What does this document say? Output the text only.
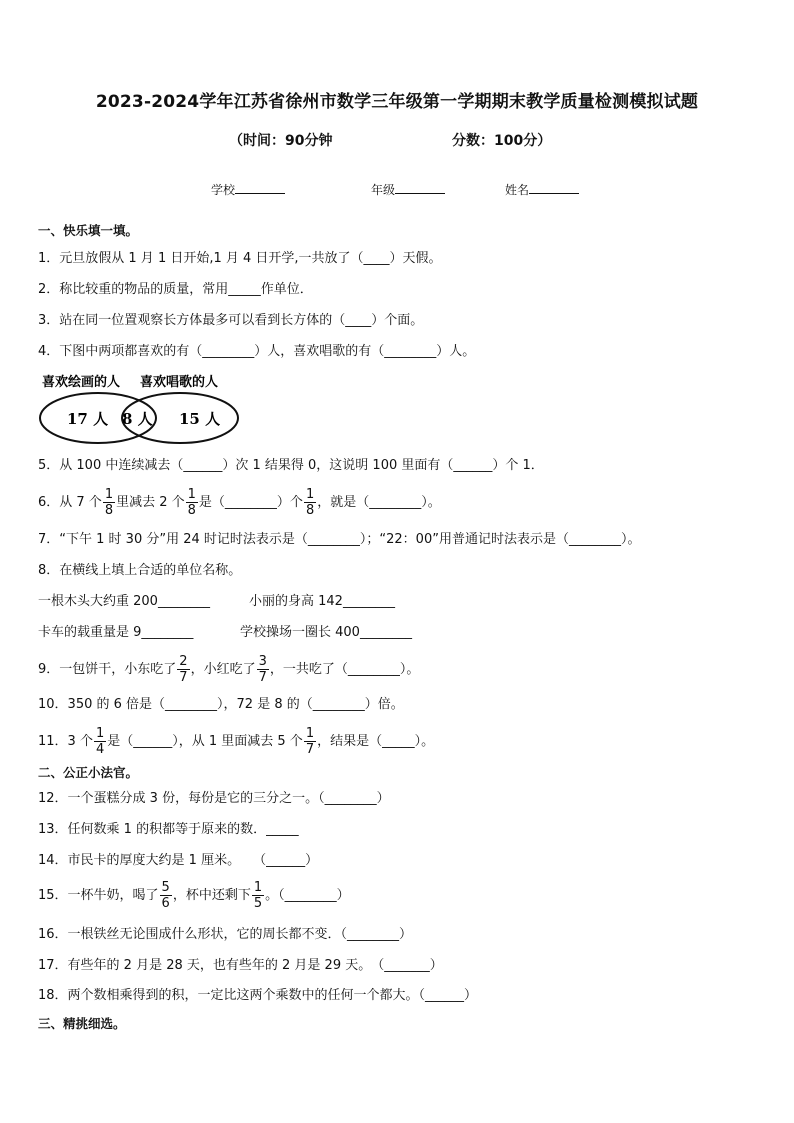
2023-2024学年江苏省徐州市数学三年级第一学期期末教学质量检测模拟试题
（时间：90分钟	分数：100分）
学校	年级	姓名
一、快乐填一填。
1．元旦放假从 1 月 1 日开始,1 月 4 日开学,一共放了（____）天假。
2．称比较重的物品的质量，常用_____作单位．
3．站在同一位置观察长方体最多可以看到长方体的（____）个面。
4．下图中两项都喜欢的有（________）人，喜欢唱歌的有（________）人。
喜欢绘画的人 喜欢唱歌的人
17 人 8 人 15 人
5．从 100 中连续减去（______）次 1 结果得 0，这说明 100 里面有（______）个 1．
6．从 7 个 $\frac{1}{8}$ 里减去 2 个 $\frac{1}{8}$ 是（________）个 $\frac{1}{8}$ ，就是（________）。
7．“下午 1 时 30 分”用 24 时记时法表示是（________）；“22：00”用普通记时法表示是（________）。
8．在横线上填上合适的单位名称。
一根木头大约重 200________	小丽的身高 142________
卡车的载重量是 9________	学校操场一圈长 400________
9．一包饼干，小东吃了 $\frac{2}{7}$ ，小红吃了 $\frac{3}{7}$ ，一共吃了（________）。
10．350 的 6 倍是（________），72 是 8 的（________）倍。
11．3 个 $\frac{1}{4}$ 是（______），从 1 里面减去 5 个 $\frac{1}{7}$ ，结果是（_____）。
二、公正小法官。
12．一个蛋糕分成 3 份，每份是它的三分之一。（________）
13．任何数乘 1 的积都等于原来的数．_____
14．市民卡的厚度大约是 1 厘米。　　（______）
15．一杯牛奶，喝了 $\frac{5}{6}$ ，杯中还剩下 $\frac{1}{5}$ 。（________）
16．一根铁丝无论围成什么形状，它的周长都不变．（________）
17．有些年的 2 月是 28 天，也有些年的 2 月是 29 天。　（_______）
18．两个数相乘得到的积，一定比这两个乘数中的任何一个都大。（______）
三、精挑细选。
